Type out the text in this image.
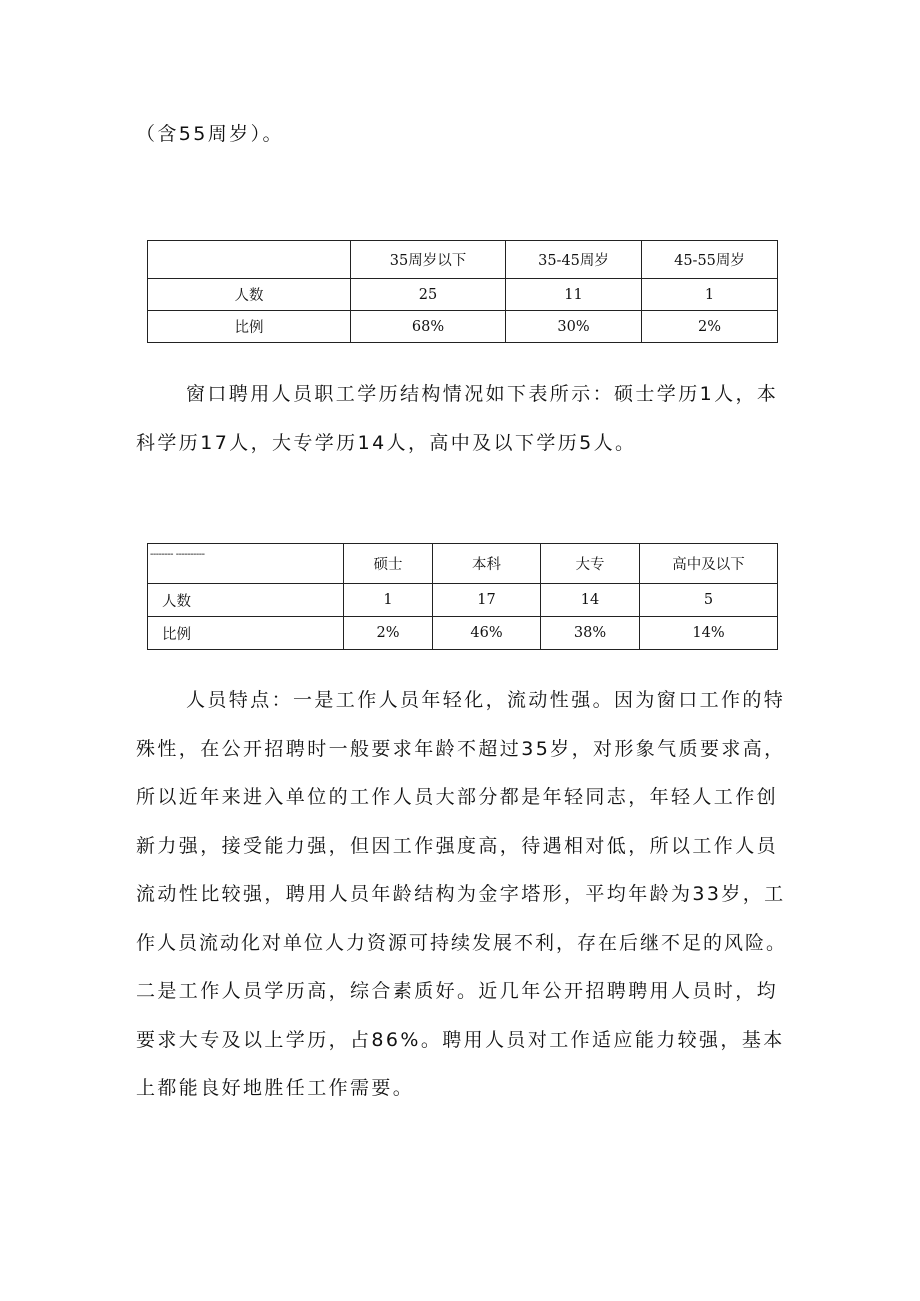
（含55周岁）。

	35周岁以下	35-45周岁	45-55周岁
人数	25	11	1
比例	68%	30%	2%

窗口聘用人员职工学历结构情况如下表所示：硕士学历1人，本
科学历17人，大专学历14人，高中及以下学历5人。

-------- ----------	硕士	本科	大专	高中及以下
人数	1	17	14	5
比例	2%	46%	38%	14%

人员特点：一是工作人员年轻化，流动性强。因为窗口工作的特
殊性，在公开招聘时一般要求年龄不超过35岁，对形象气质要求高，
所以近年来进入单位的工作人员大部分都是年轻同志，年轻人工作创
新力强，接受能力强，但因工作强度高，待遇相对低，所以工作人员
流动性比较强，聘用人员年龄结构为金字塔形，平均年龄为33岁，工
作人员流动化对单位人力资源可持续发展不利，存在后继不足的风险。
二是工作人员学历高，综合素质好。近几年公开招聘聘用人员时，均
要求大专及以上学历，占86%。聘用人员对工作适应能力较强，基本
上都能良好地胜任工作需要。
